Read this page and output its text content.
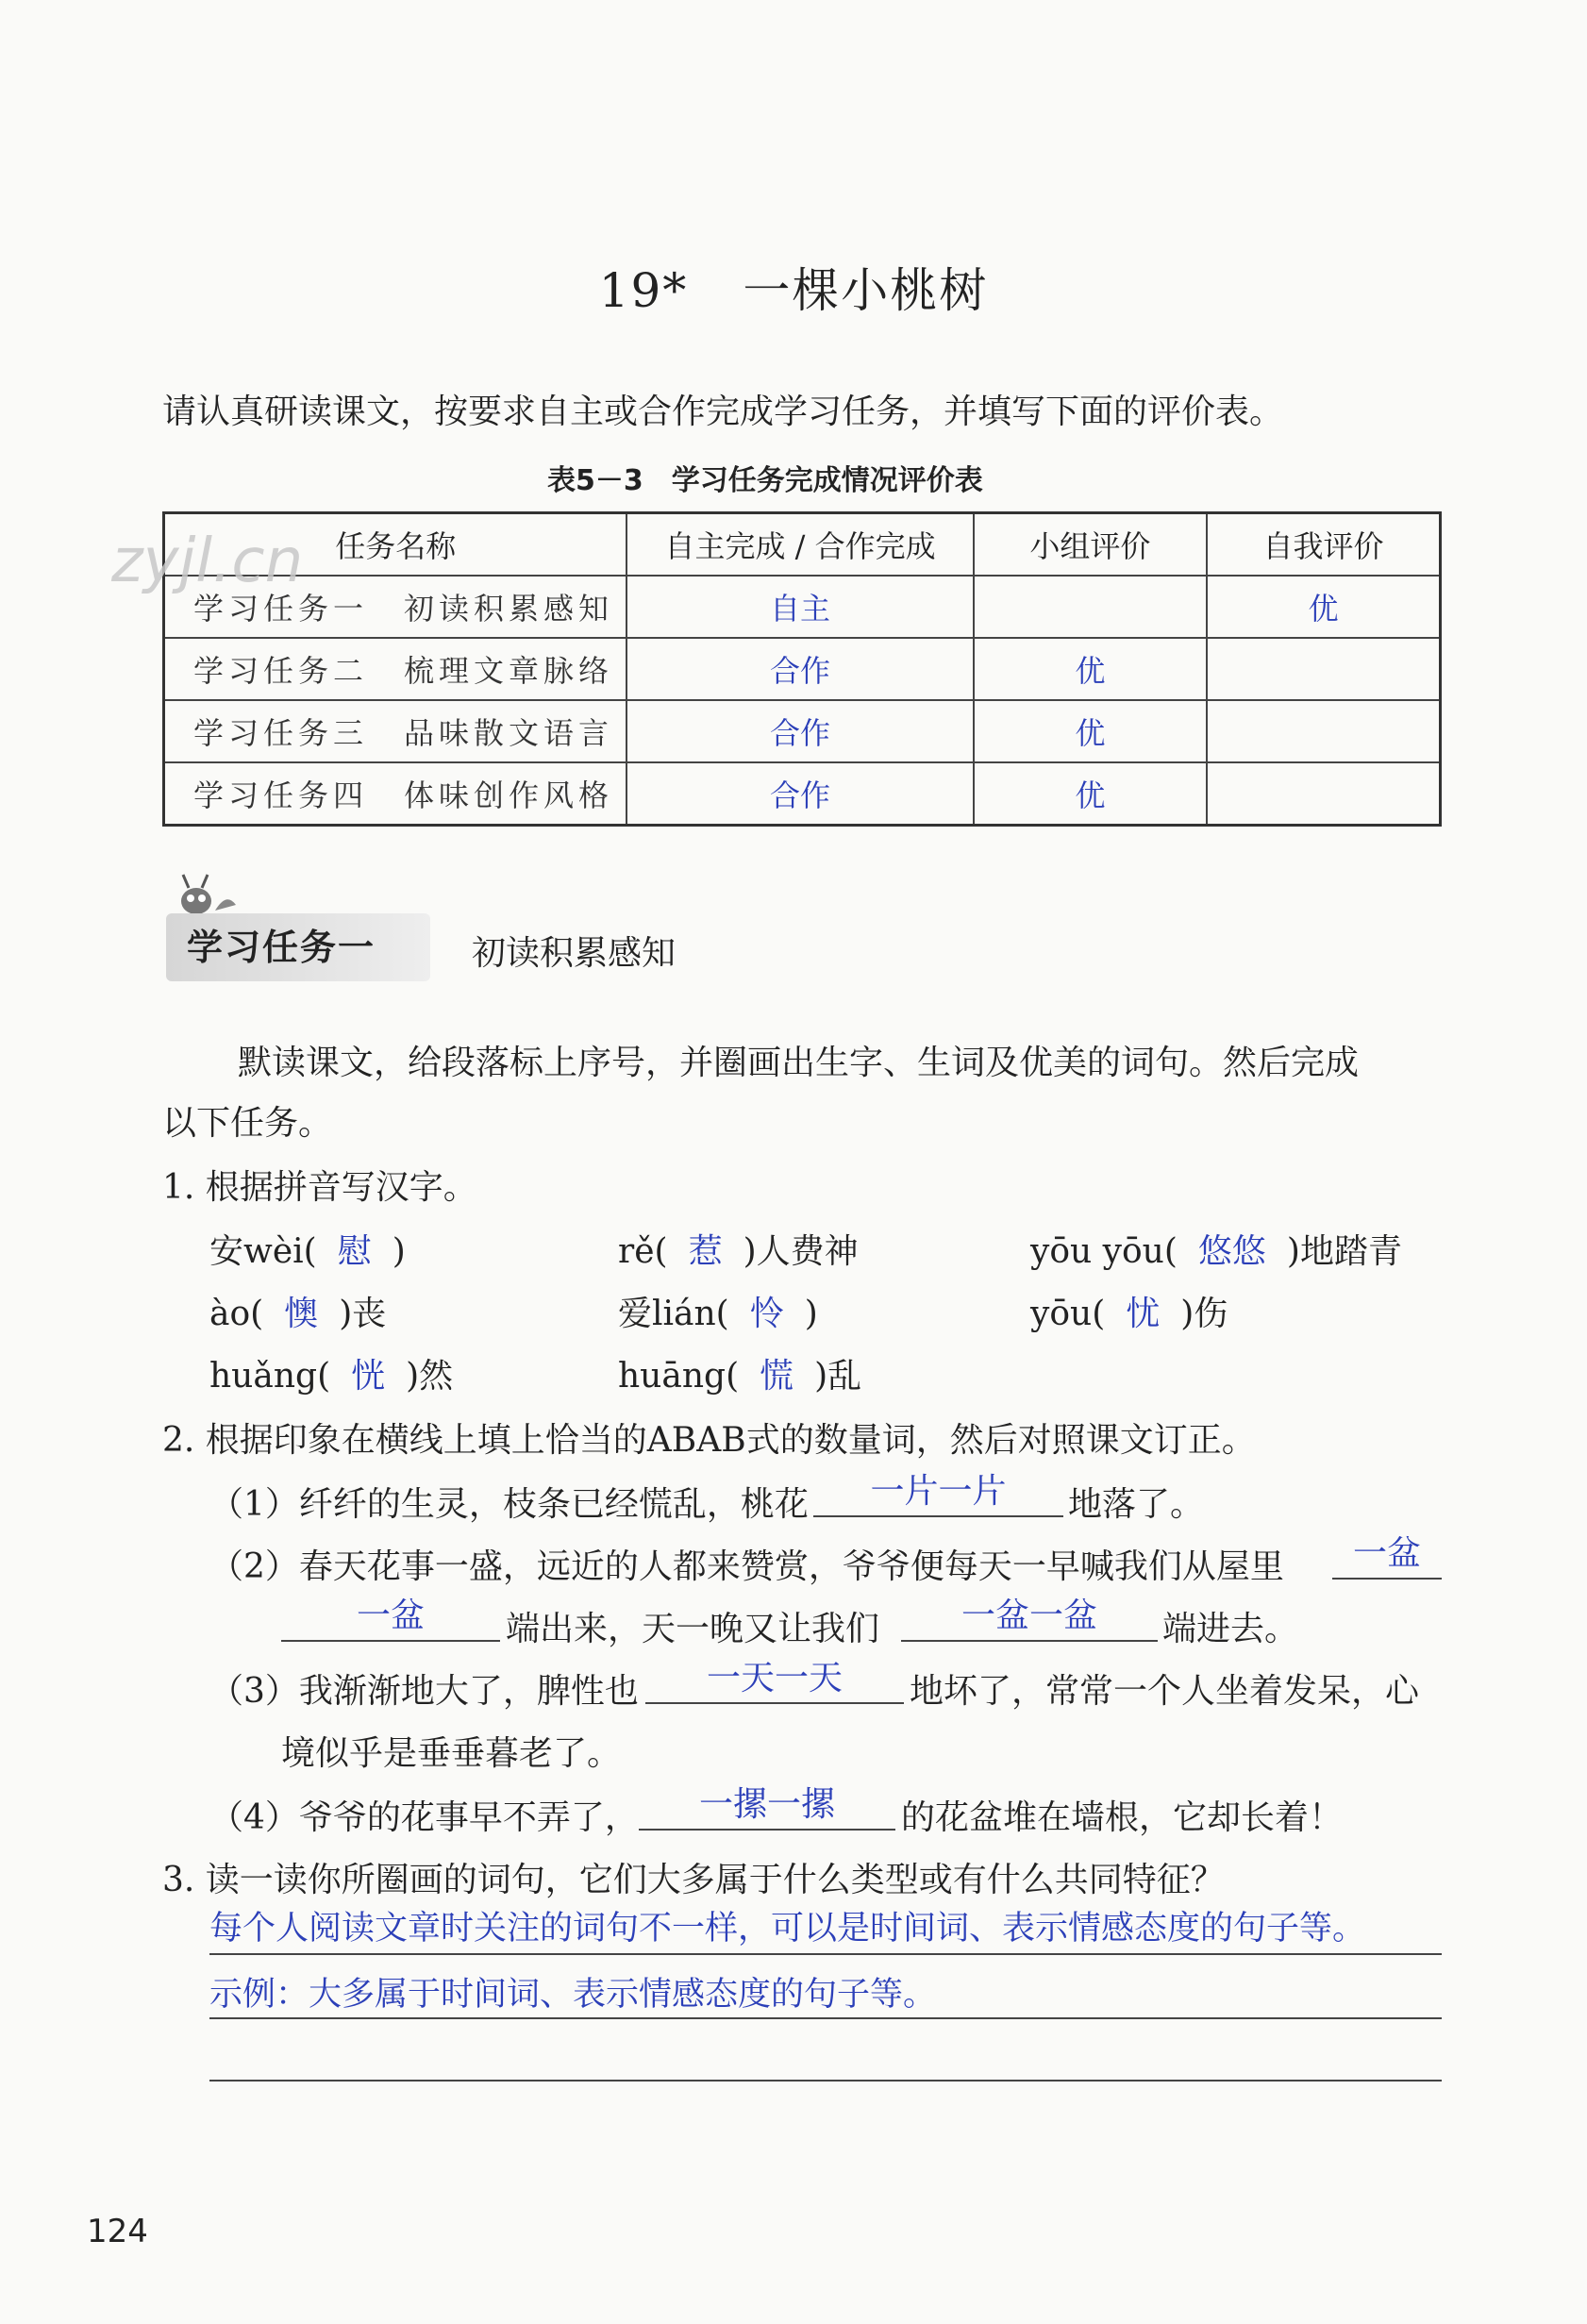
19* 一棵小桃树
请认真研读课文，按要求自主或合作完成学习任务，并填写下面的评价表。
表5－3　学习任务完成情况评价表
任务名称	自主完成 / 合作完成	小组评价	自我评价
学习任务一 初读积累感知	自主		优
学习任务二 梳理文章脉络	合作	优	
学习任务三 品味散文语言	合作	优	
学习任务四 体味创作风格	合作	优	
zyjl.cn
学习任务一	初读积累感知
默读课文，给段落标上序号，并圈画出生字、生词及优美的词句。然后完成
以下任务。
1. 根据拼音写汉字。
安wèi( 慰 )	rě( 惹 )人费神	yōu yōu( 悠悠 )地踏青
ào( 懊 )丧	爱lián( 怜 )	yōu( 忧 )伤
huǎng( 恍 )然	huāng( 慌 )乱
2. 根据印象在横线上填上恰当的ABAB式的数量词，然后对照课文订正。
（1）纤纤的生灵，枝条已经慌乱，桃花	一片一片	地落了。
（2）春天花事一盛，远近的人都来赞赏，爷爷便每天一早喊我们从屋里	一盆
一盆	端出来，天一晚又让我们	一盆一盆	端进去。
（3）我渐渐地大了，脾性也	一天一天	地坏了，常常一个人坐着发呆，心
境似乎是垂垂暮老了。
（4）爷爷的花事早不弄了，	一摞一摞	的花盆堆在墙根，它却长着！
3. 读一读你所圈画的词句，它们大多属于什么类型或有什么共同特征？
每个人阅读文章时关注的词句不一样，可以是时间词、表示情感态度的句子等。
示例：大多属于时间词、表示情感态度的句子等。
124
